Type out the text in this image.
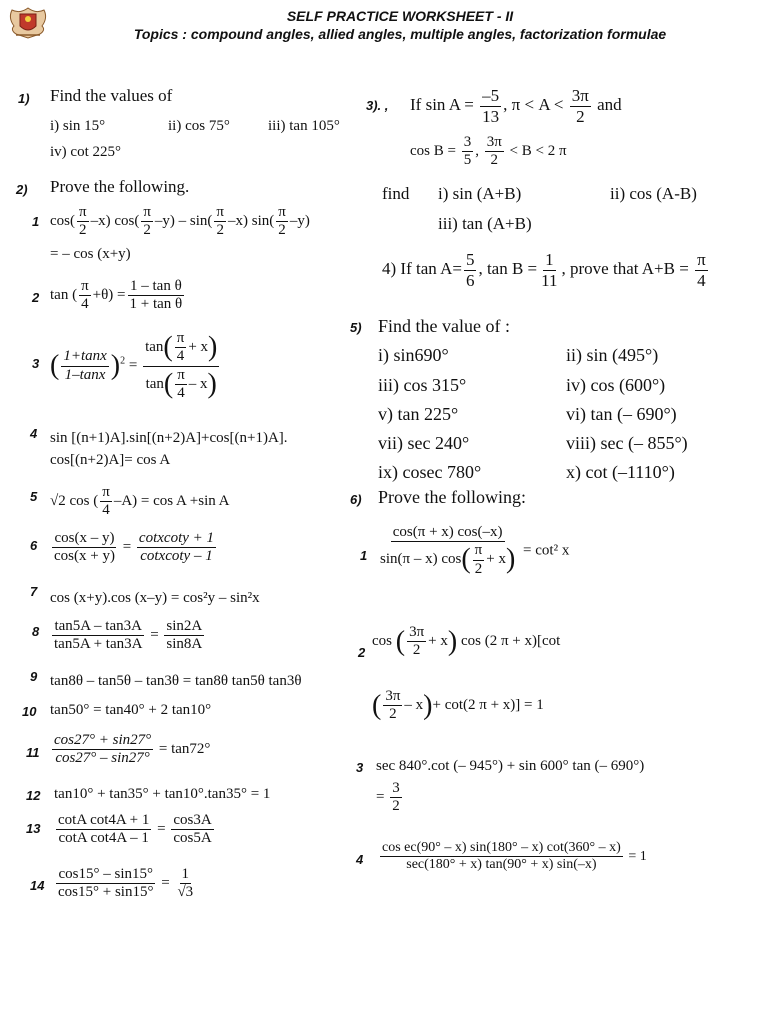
SELF PRACTICE WORKSHEET - II
Topics : compound angles, allied angles, multiple angles, factorization formulae
1) Find the values of
i) sin 15°	ii) cos 75°	iii) tan 105°
iv) cot 225°
2) Prove the following.
1 $\cos( \frac{\pi}{2} -x)$ $\cos( \frac{\pi}{2} -y) - \sin( \frac{\pi}{2} -x)$ $\sin( \frac{\pi}{2} -y)$
= – cos (x+y)
2 tan ( $\frac{\pi}{4} +\theta) = \frac{\text{1 – tan θ}}{\text{1 + tan θ}}$
3 ( $\frac{1+\tan x}{1-\tan x} )^2 = \frac{\tan( \frac{\pi}{4} + x)}{\tan( \frac{\pi}{4} - x)}$
4 sin [(n+1)A].sin[(n+2)A]+cos[(n+1)A].
cos[(n+2)A]= cos A
5 √2 cos ( $\frac{\pi}{4} -A) = \cos A +\sin$ A
$6 \frac{\cos(x - y)}{\cos(x + y)} = \frac{\text{cotxcoty + 1}}{\text{cotxcoty – 1}}$
7 cos (x+y).cos (x–y) = cos²y – sin²x
$8 \frac{\tan 5A - \tan 3A}{\tan 5A + \tan 3A} = \frac{\sin 2A}{\sin 8A}$
9 tan8θ – tan5θ – tan3θ = tan8θ tan5θ tan3θ
10 tan50° = tan40° + 2 tan10°
$11 \frac{\cos 27^\circ + \sin 27^\circ}{\cos 27^\circ - \sin 27^\circ} = \tan 72^\circ$
12 tan10° + tan35° + tan10°.tan35° = 1
$13 \frac{\text{cotA cot4A + 1}}{\text{cotA cot4A – 1}} = \frac{\cos 3A}{\cos 5A}$
$14 \frac{\cos 15^\circ - \sin 15^\circ}{\cos 15^\circ + \sin 15^\circ} = \frac{1}{√3}$
3). , If $\sin A = \frac{-5}{13}$ , $\pi < A < \frac{3\pi}{2}$ and
$\cos B = \frac{3}{5}$ , $\frac{3\pi}{2} < B < 2$ π
find i) sin (A+B)	ii) cos (A-B)
iii) tan (A+B)
4) If $\tan A= \frac{5}{6}$ , $\tan B = \frac{1}{11}$ , prove that $A+B = \frac{\pi}{4}$
5) Find the value of :
i) sin690°	ii) sin (495°)
iii) cos 315°	iv) cos (600°)
v) tan 225°	vi) tan (– 690°)
vii) sec 240°	viii) sec (– 855°)
ix) cosec 780°	x) cot (–1110°)
6) Prove the following:
$1 \frac{\cos(\pi + x) \cos(-x)}{\sin(\pi - x) \cos( \frac{\pi}{2} + x)} = \cot^2$ x
2
cos ( $\frac{3\pi}{2} + x$) cos (2 π + x)[cot
( $\frac{3\pi}{2} - x)+ \cot(2$ π + x)] = 1
3 sec 840°.cot (– 945°) + sin 600° tan (– 690°)
= $\frac{3}{2}$
$4 \frac{\text{cos ec(90° – x) sin(180° – x) cot(360° – x)}}{\sec(180^\circ + x) \tan(90^\circ + x) \sin(-x)} = 1$
